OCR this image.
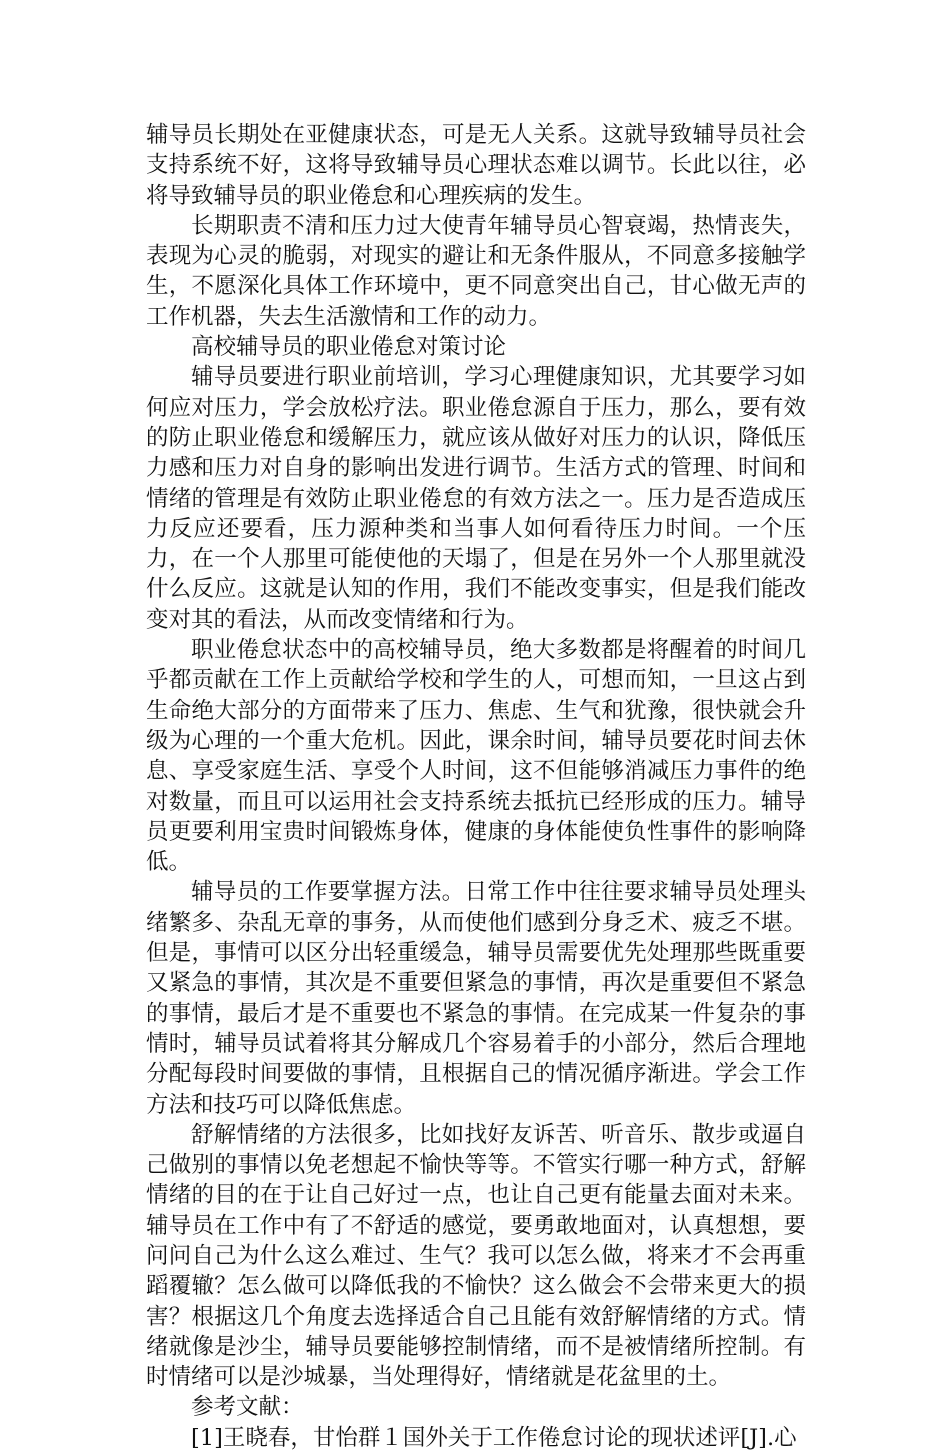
辅导员长期处在亚健康状态，可是无人关系。这就导致辅导员社会支持系统不好，这将导致辅导员心理状态难以调节。长此以往，必将导致辅导员的职业倦怠和心理疾病的发生。

长期职责不清和压力过大使青年辅导员心智衰竭，热情丧失，表现为心灵的脆弱，对现实的避让和无条件服从，不同意多接触学生，不愿深化具体工作环境中，更不同意突出自己，甘心做无声的工作机器，失去生活激情和工作的动力。

高校辅导员的职业倦怠对策讨论

辅导员要进行职业前培训，学习心理健康知识，尤其要学习如何应对压力，学会放松疗法。职业倦怠源自于压力，那么，要有效的防止职业倦怠和缓解压力，就应该从做好对压力的认识，降低压力感和压力对自身的影响出发进行调节。生活方式的管理、时间和情绪的管理是有效防止职业倦怠的有效方法之一。压力是否造成压力反应还要看，压力源种类和当事人如何看待压力时间。一个压力，在一个人那里可能使他的天塌了，但是在另外一个人那里就没什么反应。这就是认知的作用，我们不能改变事实，但是我们能改变对其的看法，从而改变情绪和行为。

职业倦怠状态中的高校辅导员，绝大多数都是将醒着的时间几乎都贡献在工作上贡献给学校和学生的人，可想而知，一旦这占到生命绝大部分的方面带来了压力、焦虑、生气和犹豫，很快就会升级为心理的一个重大危机。因此，课余时间，辅导员要花时间去休息、享受家庭生活、享受个人时间，这不但能够消减压力事件的绝对数量，而且可以运用社会支持系统去抵抗已经形成的压力。辅导员更要利用宝贵时间锻炼身体，健康的身体能使负性事件的影响降低。

辅导员的工作要掌握方法。日常工作中往往要求辅导员处理头绪繁多、杂乱无章的事务，从而使他们感到分身乏术、疲乏不堪。但是，事情可以区分出轻重缓急，辅导员需要优先处理那些既重要又紧急的事情，其次是不重要但紧急的事情，再次是重要但不紧急的事情，最后才是不重要也不紧急的事情。在完成某一件复杂的事情时，辅导员试着将其分解成几个容易着手的小部分，然后合理地分配每段时间要做的事情，且根据自己的情况循序渐进。学会工作方法和技巧可以降低焦虑。

舒解情绪的方法很多，比如找好友诉苦、听音乐、散步或逼自己做别的事情以免老想起不愉快等等。不管实行哪一种方式，舒解情绪的目的在于让自己好过一点，也让自己更有能量去面对未来。辅导员在工作中有了不舒适的感觉，要勇敢地面对，认真想想，要问问自己为什么这么难过、生气？我可以怎么做，将来才不会再重蹈覆辙？怎么做可以降低我的不愉快？这么做会不会带来更大的损害？根据这几个角度去选择适合自己且能有效舒解情绪的方式。情绪就像是沙尘，辅导员要能够控制情绪，而不是被情绪所控制。有时情绪可以是沙城暴，当处理得好，情绪就是花盆里的土。

参考文献：

[1]王晓春，甘怡群１国外关于工作倦怠讨论的现状述评[J].心
